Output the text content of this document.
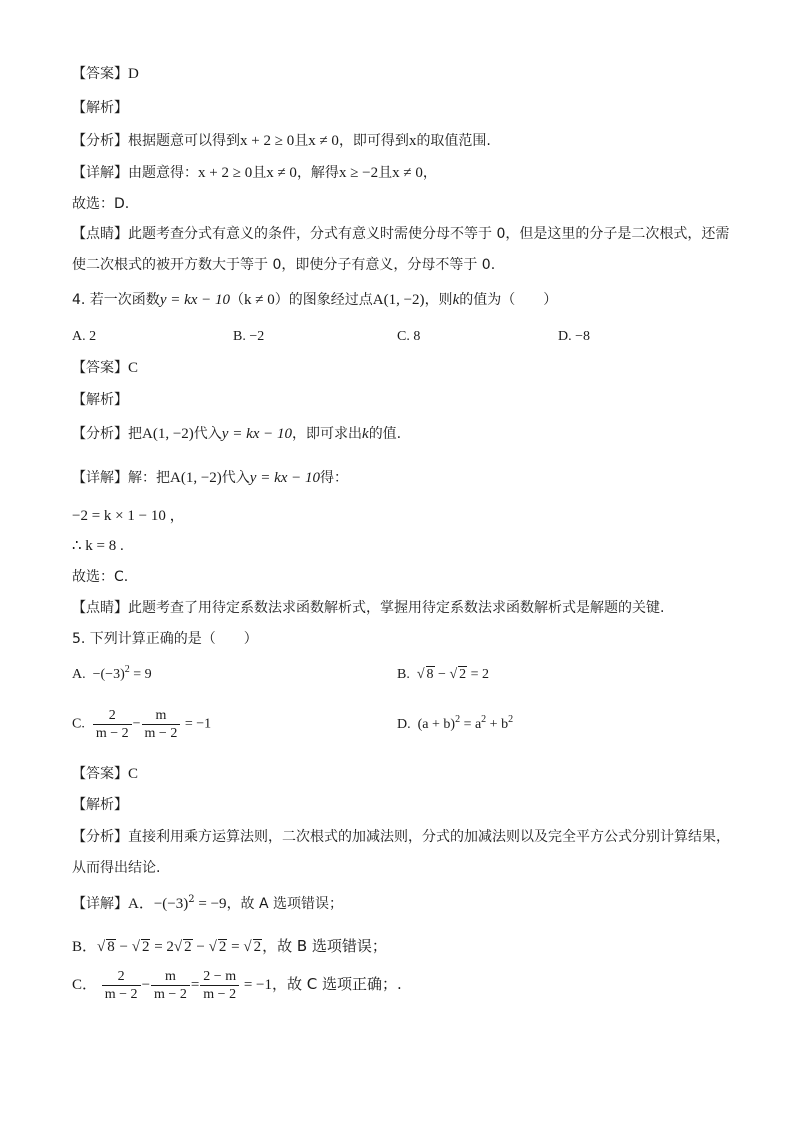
【答案】D
【解析】
【分析】根据题意可以得到x + 2 ≥ 0且x ≠ 0，即可得到x的取值范围.
【详解】由题意得：x + 2 ≥ 0且x ≠ 0，解得x ≥ −2且x ≠ 0，
故选：D.
【点睛】此题考查分式有意义的条件，分式有意义时需使分母不等于 0，但是这里的分子是二次根式，还需
使二次根式的被开方数大于等于 0，即使分子有意义，分母不等于 0.
4. 若一次函数y = kx − 10（k ≠ 0）的图象经过点A(1, −2)，则k的值为（　　）
A. 2	B. −2	C. 8	D. −8
【答案】C
【解析】
【分析】把A(1, −2)代入y = kx − 10，即可求出k的值.
【详解】解：把A(1, −2)代入y = kx − 10得：
−2 = k × 1 − 10 ，
∴ k = 8 .
故选：C.
【点睛】此题考查了用待定系数法求函数解析式，掌握用待定系数法求函数解析式是解题的关键.
5. 下列计算正确的是（　　）
A. $-(-3)^2 = 9$	B.  √ 8 − √ 2 = 2
C. $\frac{2}{m - 2} - \frac{m}{m - 2} = -1$	D. $(a + b)^2 = a^2 + b^2$
【答案】C
【解析】
【分析】直接利用乘方运算法则，二次根式的加减法则，分式的加减法则以及完全平方公式分别计算结果，
从而得出结论.
【详解】A．$-(-3)^2 = -9$，故 A 选项错误；
B．√ 8 − √ 2 = 2√ 2 − √ 2 = √ 2，故 B 选项错误；
C． $\frac{2}{m - 2} - \frac{m}{m - 2} = \frac{2 - m}{m - 2} = -1$，故 C 选项正确；.
